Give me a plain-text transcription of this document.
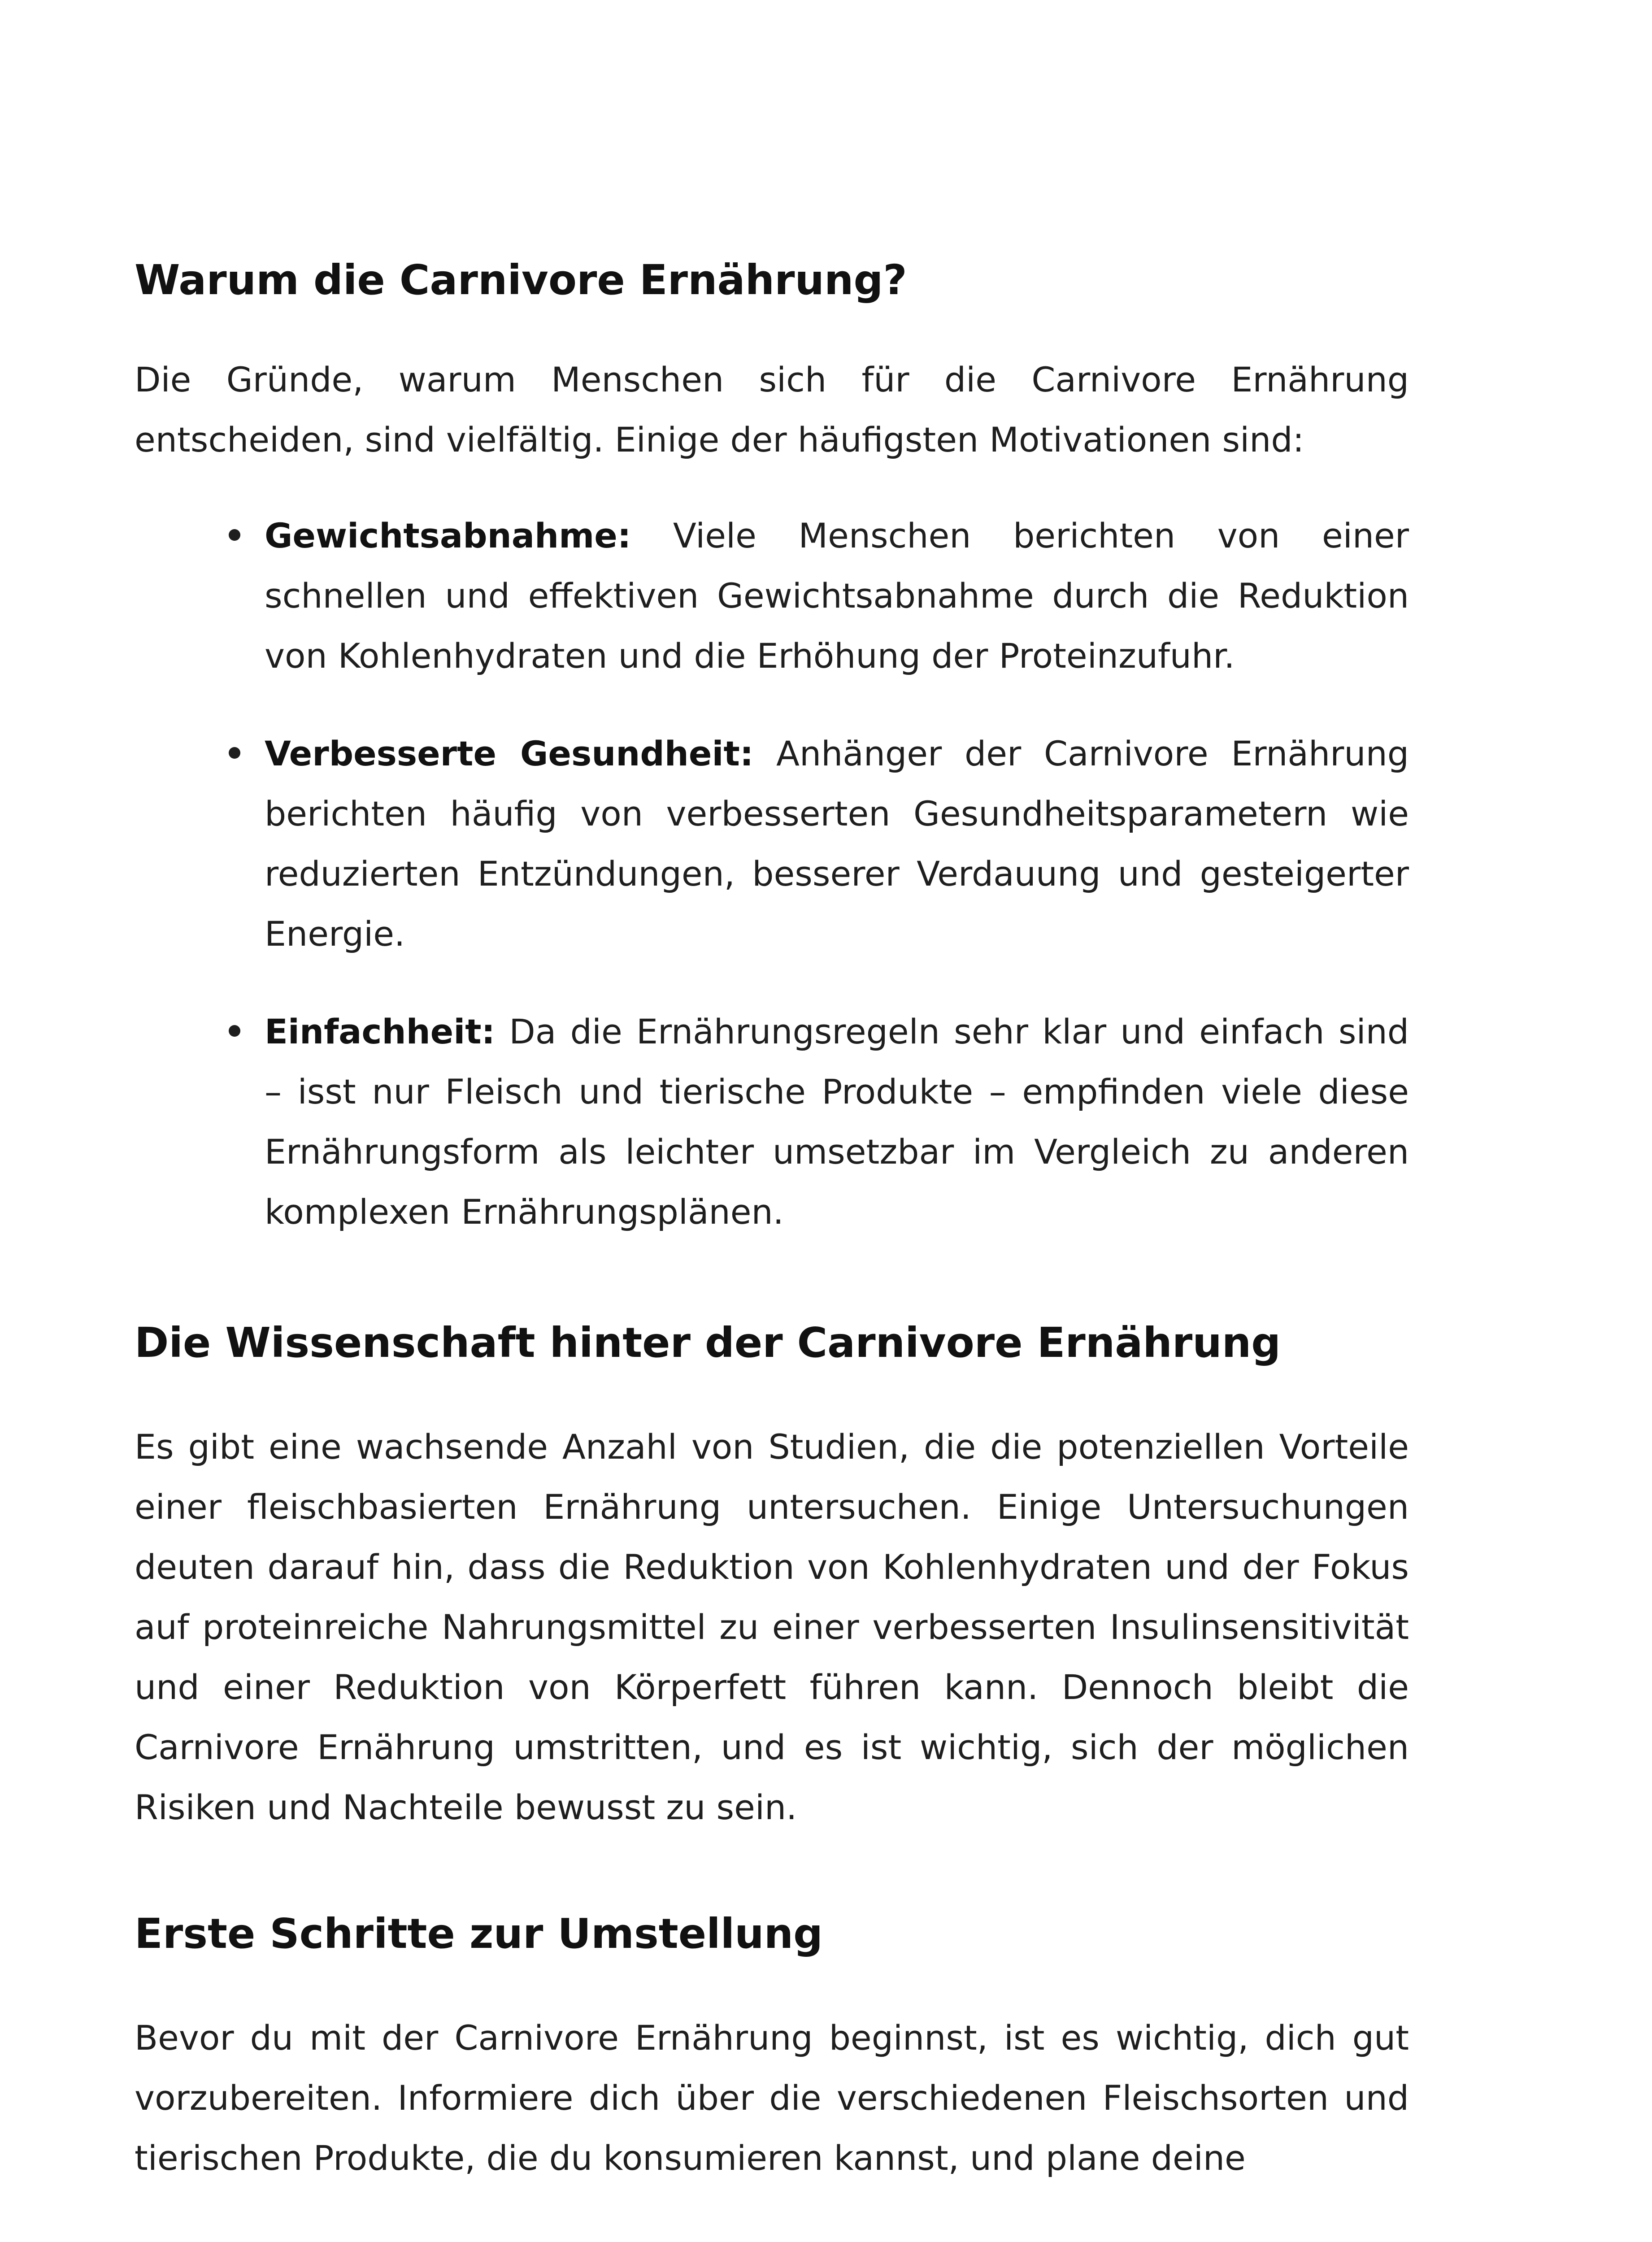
Warum die Carnivore Ernährung?

Die Gründe, warum Menschen sich für die Carnivore Ernährung entscheiden, sind vielfältig. Einige der häufigsten Motivationen sind:

Gewichtsabnahme: Viele Menschen berichten von einer schnellen und effektiven Gewichtsabnahme durch die Reduktion von Kohlenhydraten und die Erhöhung der Proteinzufuhr.
Verbesserte Gesundheit: Anhänger der Carnivore Ernährung berichten häufig von verbesserten Gesundheitsparametern wie reduzierten Entzündungen, besserer Verdauung und gesteigerter Energie.
Einfachheit: Da die Ernährungsregeln sehr klar und einfach sind – isst nur Fleisch und tierische Produkte – empfinden viele diese Ernährungsform als leichter umsetzbar im Vergleich zu anderen komplexen Ernährungsplänen.
Die Wissenschaft hinter der Carnivore Ernährung

Es gibt eine wachsende Anzahl von Studien, die die potenziellen Vorteile einer fleischbasierten Ernährung untersuchen. Einige Untersuchungen deuten darauf hin, dass die Reduktion von Kohlenhydraten und der Fokus auf proteinreiche Nahrungsmittel zu einer verbesserten Insulinsensitivität und einer Reduktion von Körperfett führen kann. Dennoch bleibt die Carnivore Ernährung umstritten, und es ist wichtig, sich der möglichen Risiken und Nachteile bewusst zu sein.

Erste Schritte zur Umstellung

Bevor du mit der Carnivore Ernährung beginnst, ist es wichtig, dich gut vorzubereiten. Informiere dich über die verschiedenen Fleischsorten und tierischen Produkte, die du konsumieren kannst, und plane deine
